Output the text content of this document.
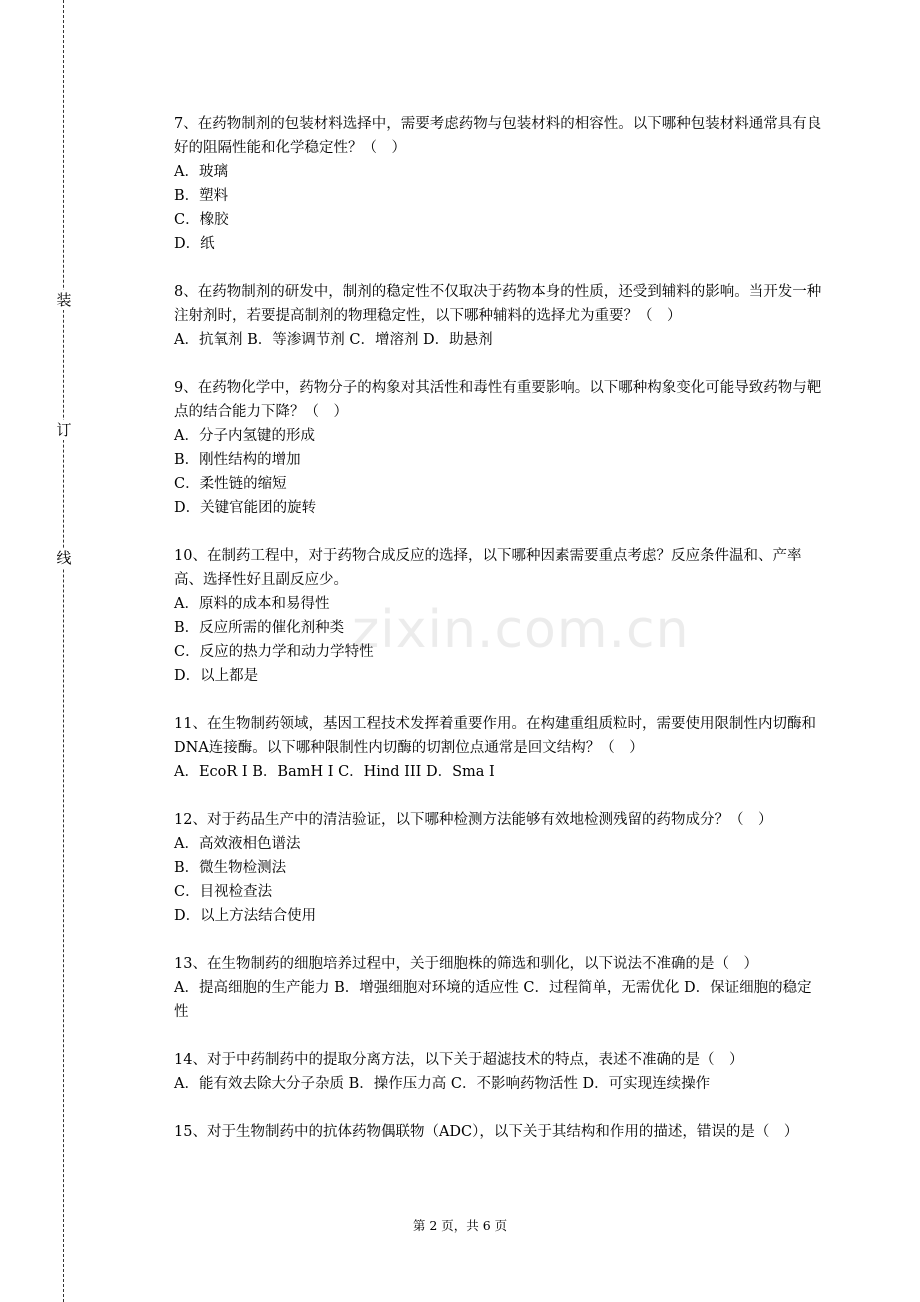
装
订
线
zixin.com.cn

7、在药物制剂的包装材料选择中，需要考虑药物与包装材料的相容性。以下哪种包装材料通常具有良好的阻隔性能和化学稳定性？（　）

A．玻璃

B．塑料

C．橡胶

D．纸

8、在药物制剂的研发中，制剂的稳定性不仅取决于药物本身的性质，还受到辅料的影响。当开发一种注射剂时，若要提高制剂的物理稳定性，以下哪种辅料的选择尤为重要？（　）

A．抗氧剂 B．等渗调节剂 C．增溶剂 D．助悬剂

9、在药物化学中，药物分子的构象对其活性和毒性有重要影响。以下哪种构象变化可能导致药物与靶点的结合能力下降？（　）

A．分子内氢键的形成

B．刚性结构的增加

C．柔性链的缩短

D．关键官能团的旋转

10、在制药工程中，对于药物合成反应的选择，以下哪种因素需要重点考虑？反应条件温和、产率高、选择性好且副反应少。

A．原料的成本和易得性

B．反应所需的催化剂种类

C．反应的热力学和动力学特性

D．以上都是

11、在生物制药领域，基因工程技术发挥着重要作用。在构建重组质粒时，需要使用限制性内切酶和DNA连接酶。以下哪种限制性内切酶的切割位点通常是回文结构？（　）

A．EcoR I B．BamH I C．Hind III D．Sma I

12、对于药品生产中的清洁验证，以下哪种检测方法能够有效地检测残留的药物成分？（　）

A．高效液相色谱法

B．微生物检测法

C．目视检查法

D．以上方法结合使用

13、在生物制药的细胞培养过程中，关于细胞株的筛选和驯化，以下说法不准确的是（　）

A．提高细胞的生产能力 B．增强细胞对环境的适应性 C．过程简单，无需优化 D．保证细胞的稳定性

14、对于中药制药中的提取分离方法，以下关于超滤技术的特点，表述不准确的是（　）

A．能有效去除大分子杂质 B．操作压力高 C．不影响药物活性 D．可实现连续操作

15、对于生物制药中的抗体药物偶联物（ADC），以下关于其结构和作用的描述，错误的是（　）

第 2 页，共 6 页
